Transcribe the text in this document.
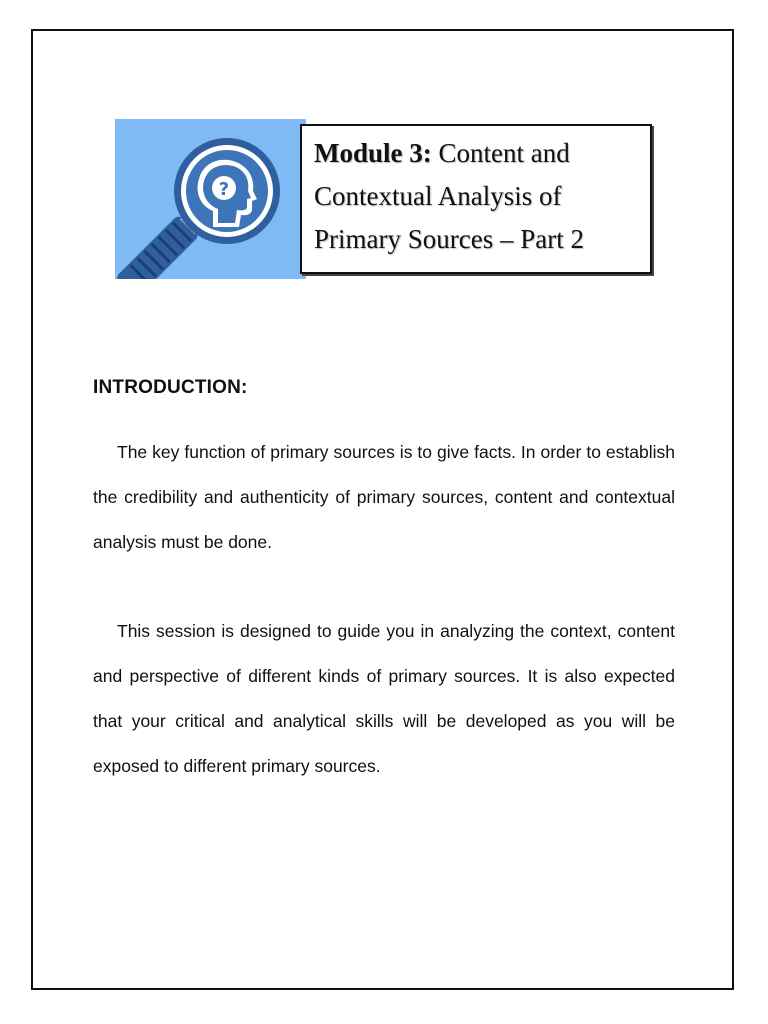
?
Module 3: Content and Contextual Analysis of Primary Sources – Part 2
INTRODUCTION:

The key function of primary sources is to give facts. In order to establish the credibility and authenticity of primary sources, content and contextual analysis must be done.

This session is designed to guide you in analyzing the context, content and perspective of different kinds of primary sources. It is also expected that your critical and analytical skills will be developed as you will be exposed to different primary sources.
